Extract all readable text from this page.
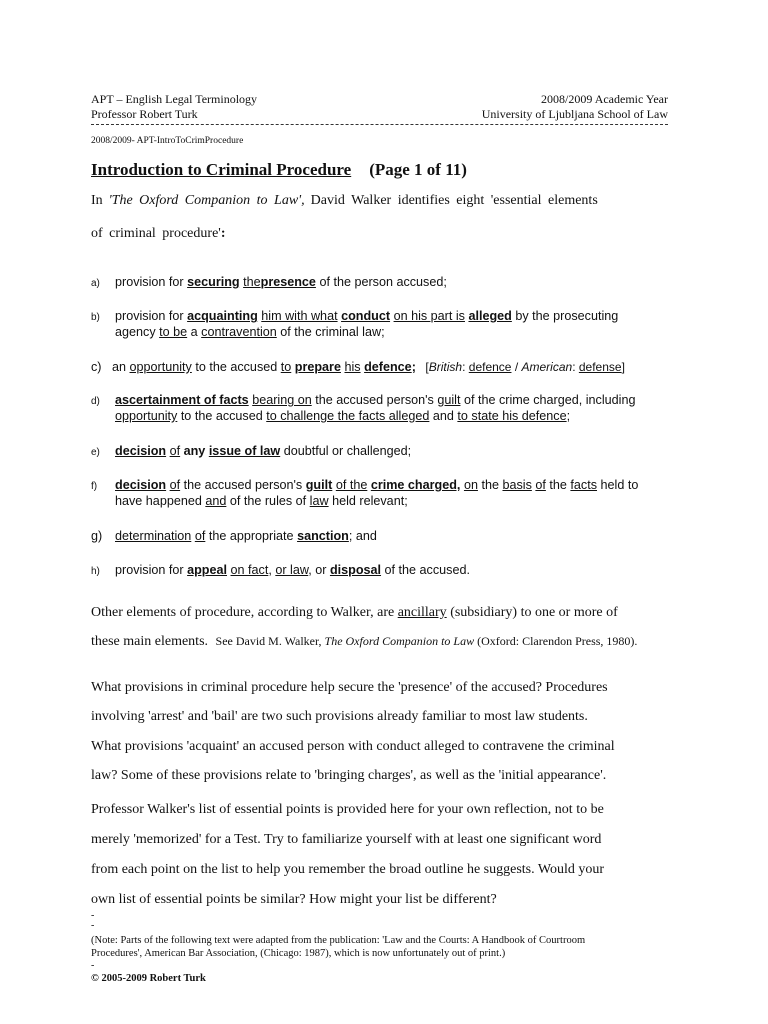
APT – English Legal Terminology	2008/2009 Academic Year
Professor Robert Turk	University of Ljubljana School of Law
2008/2009- APT-IntroToCrimProcedure
Introduction to Criminal Procedure (Page 1 of 11)
In 'The Oxford Companion to Law', David Walker identifies eight 'essential elements
of criminal procedure':
a) provision for securing thepresence of the person accused;
b) provision for acquainting him with what conduct on his part is alleged by the prosecuting
agency to be a contravention of the criminal law;
c) an opportunity to the accused to prepare his defence; [British: defence / American: defense]
d) ascertainment of facts bearing on the accused person's guilt of the crime charged, including
opportunity to the accused to challenge the facts alleged and to state his defence;
e) decision of any issue of law doubtful or challenged;
f) decision of the accused person's guilt of the crime charged, on the basis of the facts held to
have happened and of the rules of law held relevant;
g) determination of the appropriate sanction; and
h) provision for appeal on fact, or law, or disposal of the accused.
Other elements of procedure, according to Walker, are ancillary (subsidiary) to one or more of
these main elements. See David M. Walker, The Oxford Companion to Law (Oxford: Clarendon Press, 1980).
What provisions in criminal procedure help secure the 'presence' of the accused? Procedures
involving 'arrest' and 'bail' are two such provisions already familiar to most law students.
What provisions 'acquaint' an accused person with conduct alleged to contravene the criminal
law? Some of these provisions relate to 'bringing charges', as well as the 'initial appearance'.
Professor Walker's list of essential points is provided here for your own reflection, not to be
merely 'memorized' for a Test. Try to familiarize yourself with at least one significant word
from each point on the list to help you remember the broad outline he suggests. Would your
own list of essential points be similar? How might your list be different?
-
-
(Note: Parts of the following text were adapted from the publication: 'Law and the Courts: A Handbook of Courtroom
Procedures', American Bar Association, (Chicago: 1987), which is now unfortunately out of print.)
-
© 2005-2009 Robert Turk
